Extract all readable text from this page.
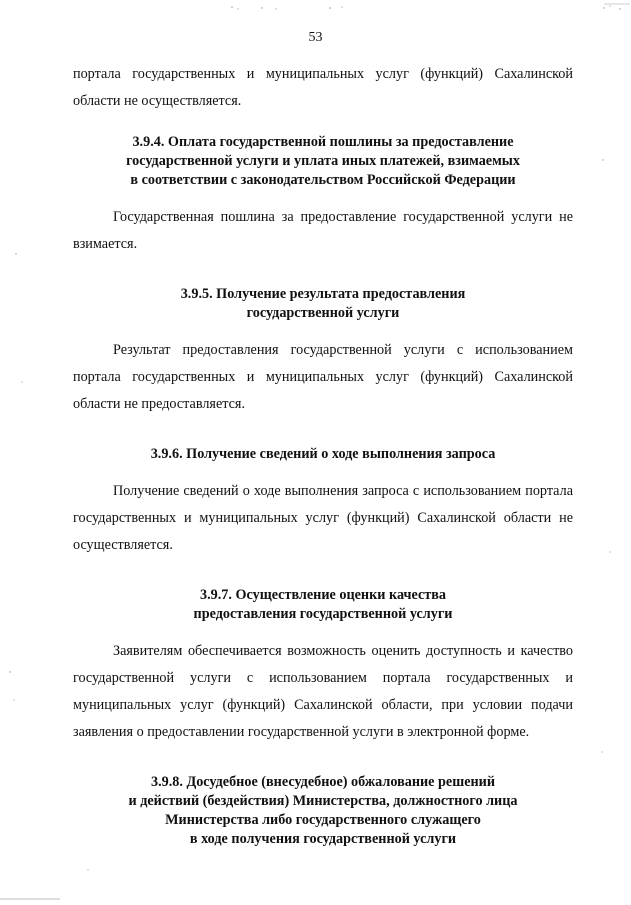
53

портала государственных и муниципальных услуг (функций) Сахалинской области не осуществляется.

3.9.4. Оплата государственной пошлины за предоставление
государственной услуги и уплата иных платежей, взимаемых
в соответствии с законодательством Российской Федерации

Государственная пошлина за предоставление государственной услуги не взимается.

3.9.5. Получение результата предоставления
государственной услуги

Результат предоставления государственной услуги с использованием портала государственных и муниципальных услуг (функций) Сахалинской области не предоставляется.

3.9.6. Получение сведений о ходе выполнения запроса

Получение сведений о ходе выполнения запроса с использованием портала государственных и муниципальных услуг (функций) Сахалинской области не осуществляется.

3.9.7. Осуществление оценки качества
предоставления государственной услуги

Заявителям обеспечивается возможность оценить доступность и качество государственной услуги с использованием портала государственных и муниципальных услуг (функций) Сахалинской области, при условии подачи заявления о предоставлении государственной услуги в электронной форме.

3.9.8. Досудебное (внесудебное) обжалование решений
и действий (бездействия) Министерства, должностного лица
Министерства либо государственного служащего
в ходе получения государственной услуги
